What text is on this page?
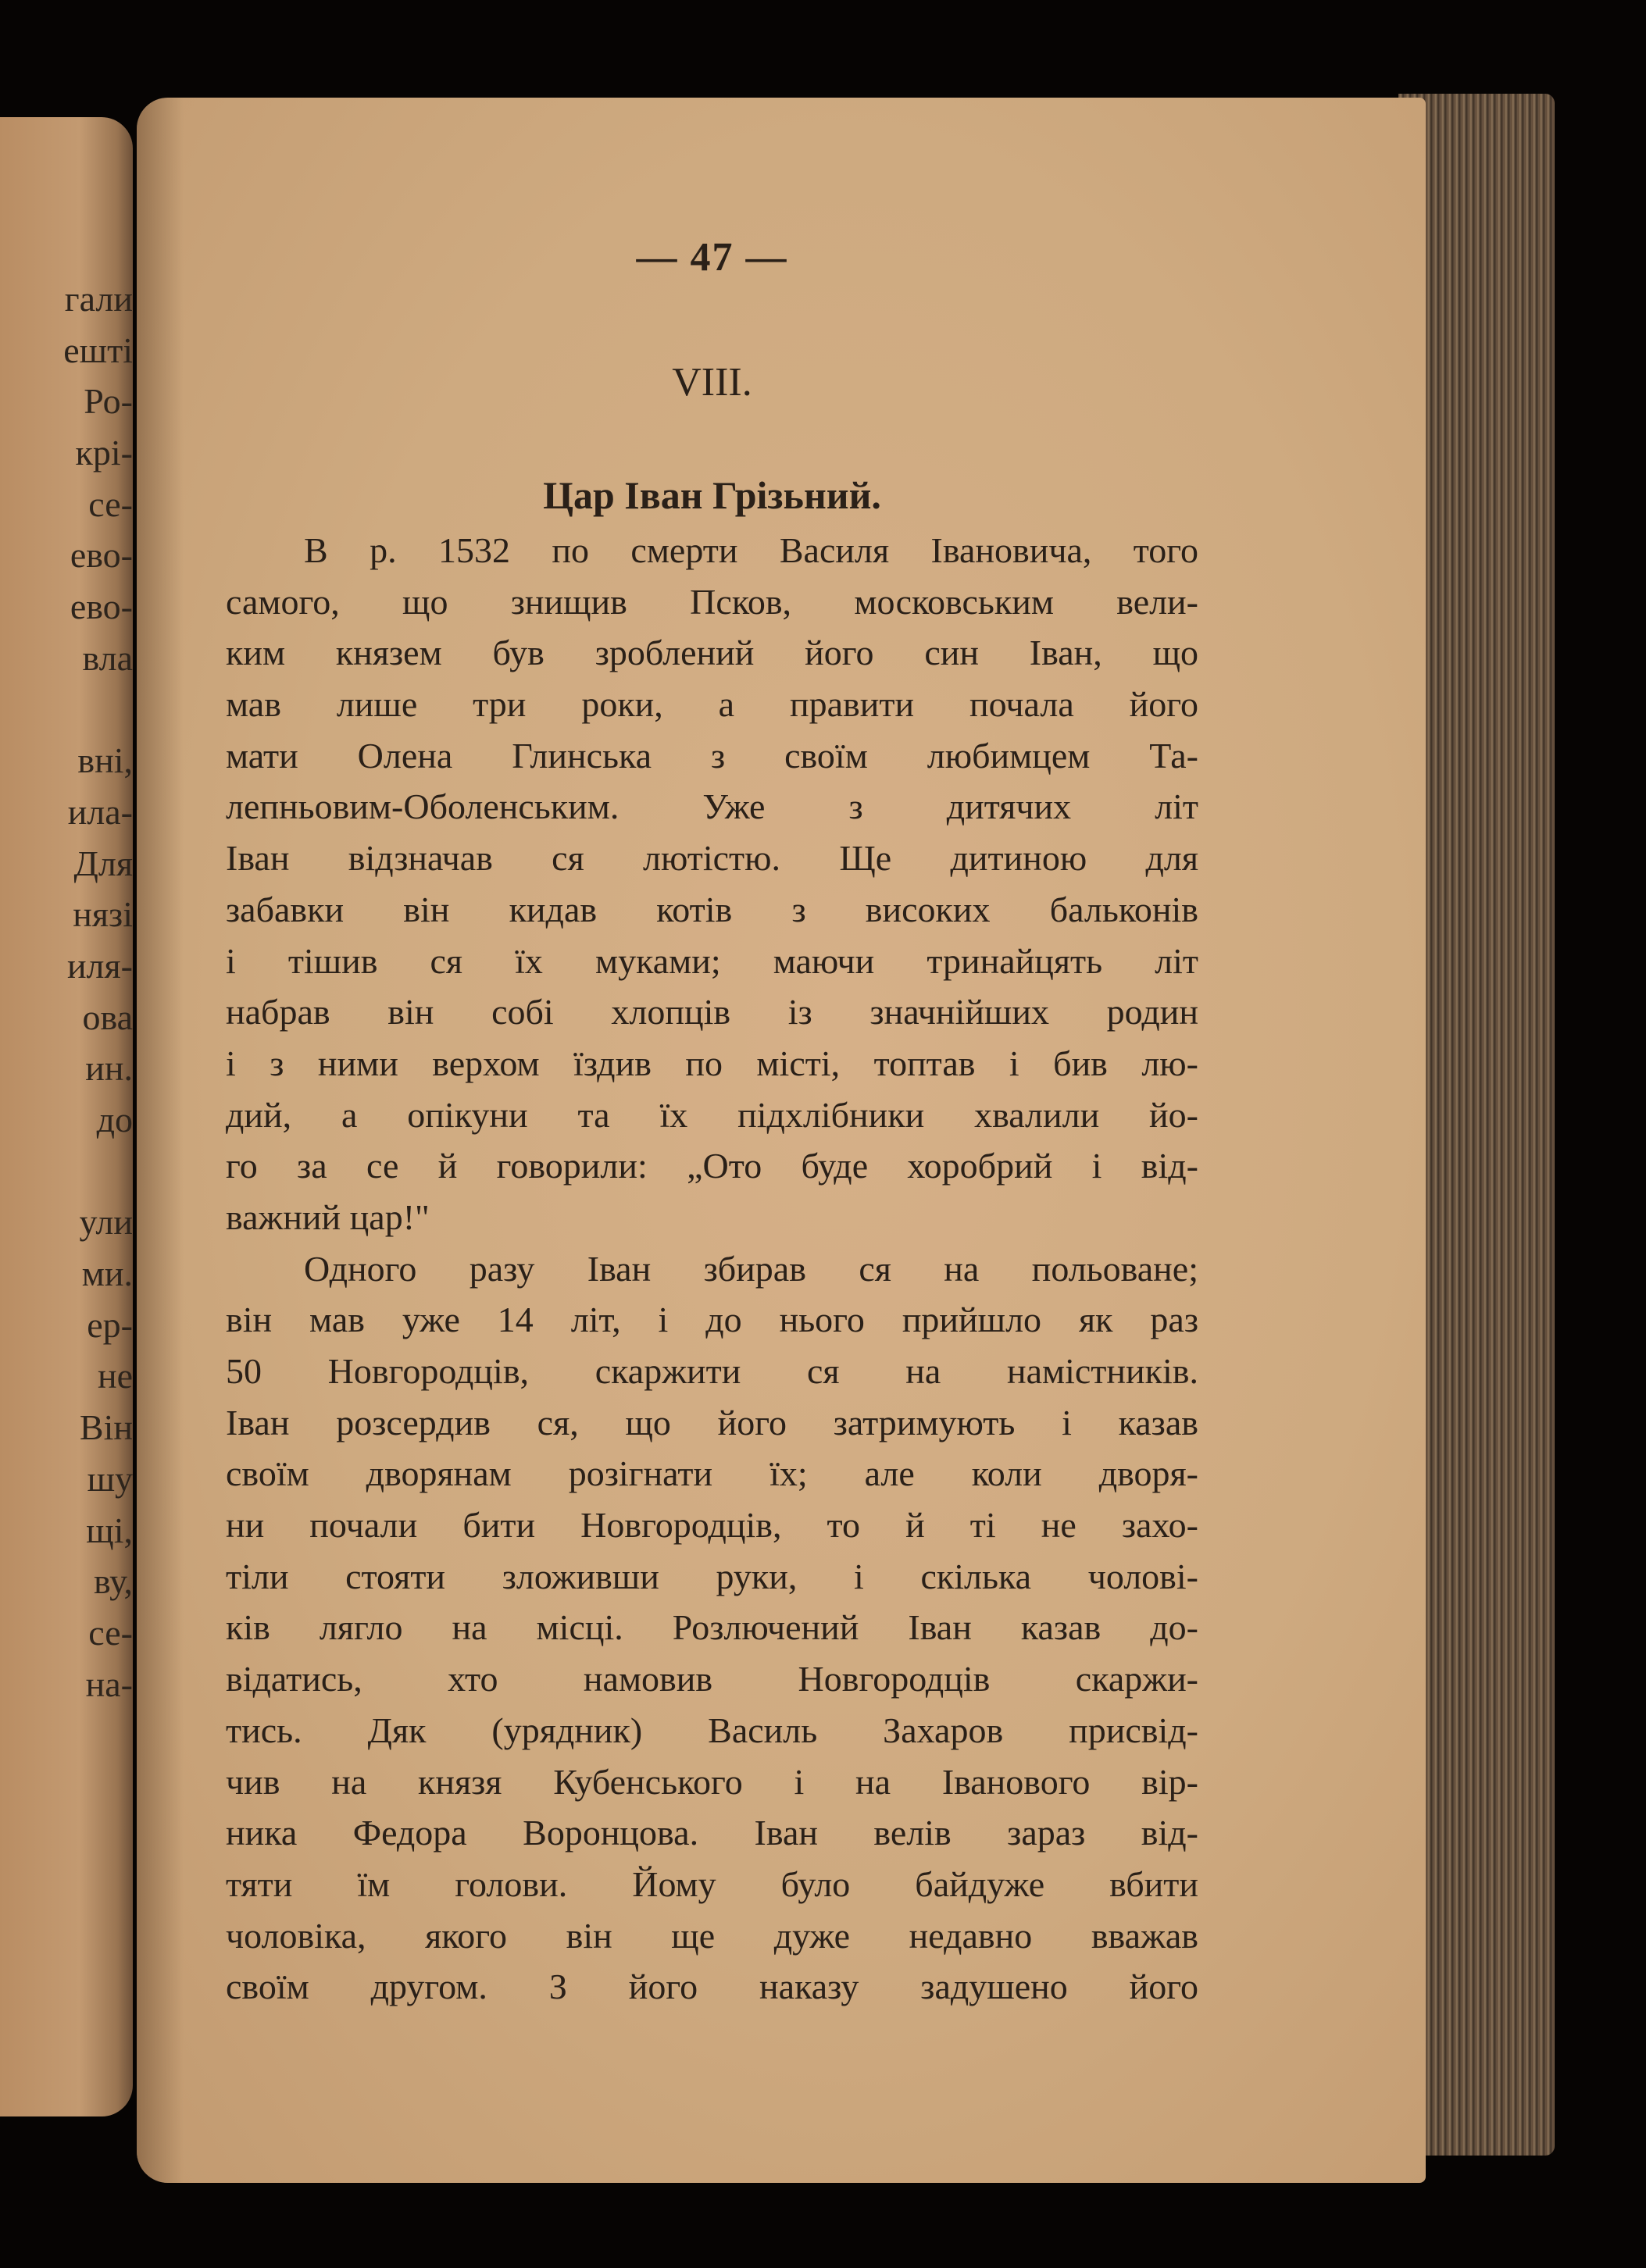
гали
ешті
Ро-
крі-
се-
ево-
ево-
вла
вні,
ила-
Для
нязі
иля-
ова
ин.
до
ули
ми.
ер-
не
Він
шу
щі,
ву,
се-
на-
— 47 —
VIII.
Цар Іван Грізьний.
В р. 1532 по смерти Василя Івановича, того
самого, що знищив Псков, московським вели-
ким князем був зроблений його син Іван, що
мав лише три роки, а правити почала його
мати Олена Глинська з своїм любимцем Та-
лепньовим-Оболенським. Уже з дитячих літ
Іван відзначав ся лютістю. Ще дитиною для
забавки він кидав котів з високих бальконів
і тішив ся їх муками; маючи тринайцять літ
набрав він собі хлопців із значнійших родин
і з ними верхом їздив по місті, топтав і бив лю-
дий, а опікуни та їх підхлібники хвалили йо-
го за се й говорили: „Ото буде хоробрий і від-
важний цар!"
Одного разу Іван збирав ся на польоване;
він мав уже 14 літ, і до нього прийшло як раз
50 Новгородців, скаржити ся на намістників.
Іван розсердив ся, що його затримують і казав
своїм дворянам розігнати їх; але коли дворя-
ни почали бити Новгородців, то й ті не захо-
тіли стояти зложивши руки, і скілька чолові-
ків лягло на місці. Розлючений Іван казав до-
відатись, хто намовив Новгородців скаржи-
тись. Дяк (урядник) Василь Захаров присвід-
чив на князя Кубенського і на Іванового вір-
ника Федора Воронцова. Іван велів зараз від-
тяти їм голови. Йому було байдуже вбити
чоловіка, якого він ще дуже недавно вважав
своїм другом. З його наказу задушено його
